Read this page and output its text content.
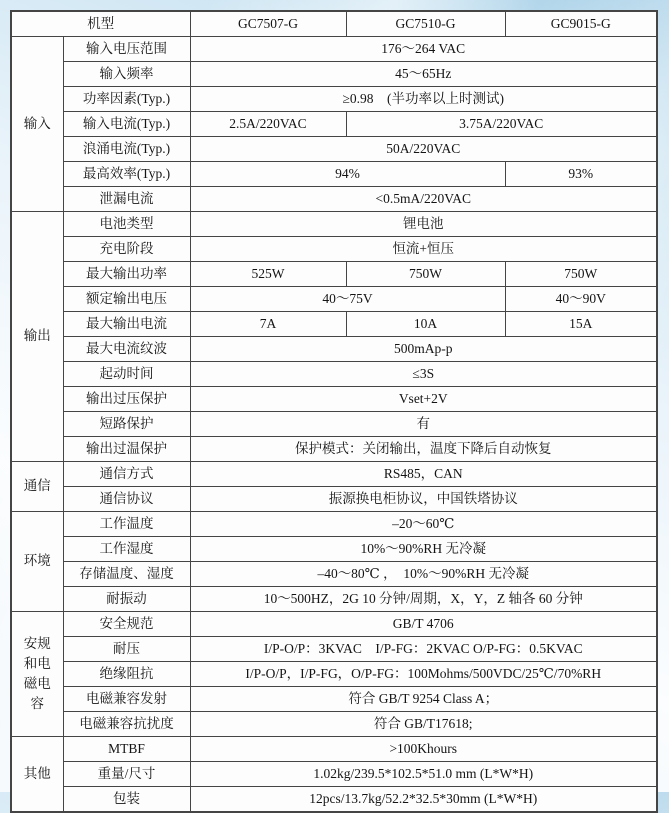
机型		GC7507-G	GC7510-G	GC9015-G
输入	输入电压范围	176～264 VAC		
	输入频率	45～65Hz		
	功率因素(Typ.)	≥0.98　(半功率以上时测试)		
	输入电流(Typ.)	2.5A/220VAC	3.75A/220VAC	
	浪涌电流(Typ.)	50A/220VAC		
	最高效率(Typ.)	94%		93%
	泄漏电流	<0.5mA/220VAC		
输出	电池类型	锂电池		
	充电阶段	恒流+恒压		
	最大输出功率	525W	750W	750W
	额定输出电压	40～75V		40～90V
	最大输出电流	7A	10A	15A
	最大电流纹波	500mAp-p		
	起动时间	≤3S		
	输出过压保护	Vset+2V		
	短路保护	有		
	输出过温保护	保护模式：关闭输出，温度下降后自动恢复		
通信	通信方式	RS485，CAN		
	通信协议	振源换电柜协议，中国铁塔协议		
环境	工作温度	–20～60℃		
	工作湿度	10%～90%RH 无冷凝		
	存储温度、湿度	–40～80℃ ，  10%～90%RH 无冷凝		
	耐振动	10～500HZ，2G 10 分钟/周期，X，Y，Z 轴各 60 分钟		
安规和电磁电容	安全规范	GB/T 4706		
	耐压	I/P-O/P：3KVAC　I/P-FG：2KVAC O/P-FG：0.5KVAC		
	绝缘阻抗	I/P-O/P，I/P-FG，O/P-FG：100Mohms/500VDC/25℃/70%RH		
	电磁兼容发射	符合 GB/T 9254 Class A；		
	电磁兼容抗扰度	符合 GB/T17618;		
其他	MTBF	>100Khours		
	重量/尺寸	1.02kg/239.5*102.5*51.0 mm (L*W*H)		
	包装	12pcs/13.7kg/52.2*32.5*30mm (L*W*H)		
